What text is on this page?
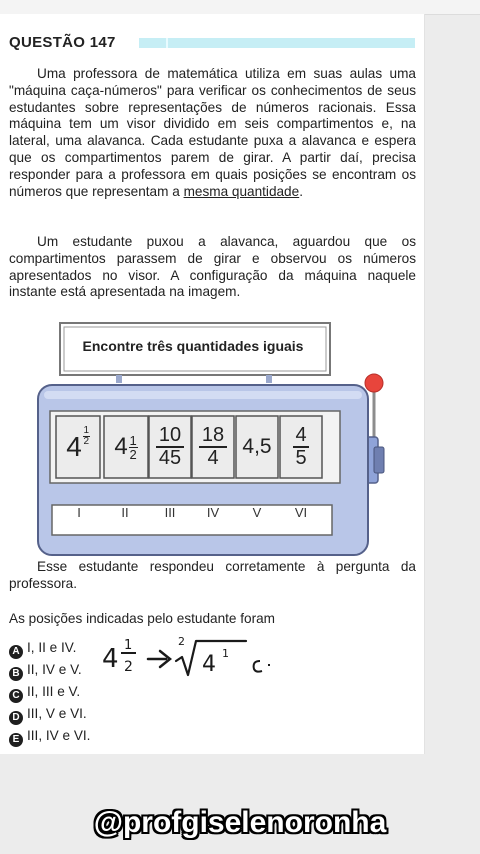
QUESTÃO 147

Uma professora de matemática utiliza em suas aulas uma "máquina caça-números" para verificar os conhecimentos de seus estudantes sobre representações de números racionais. Essa máquina tem um visor dividido em seis compartimentos e, na lateral, uma alavanca. Cada estudante puxa a alavanca e espera que os compartimentos parem de girar. A partir daí, precisa responder para a professora em quais posições se encontram os números que representam a mesma quantidade.

Um estudante puxou a alavanca, aguardou que os compartimentos parassem de girar e observou os números apresentados no visor. A configuração da máquina naquele instante está apresentada na imagem.

Encontre três quantidades iguais
4
1
2 4 1
2
10
45
18
4 4,5 4
5
I	II	III	IV	V	VI

Esse estudante respondeu corretamente à pergunta da professora.

As posições indicadas pelo estudante foram

A I, II e IV.
B II, IV e V.
C II, III e V.
D III, V e VI.
E III, IV e VI.
4 1
2
2
4 1
@profgiselenoronha
